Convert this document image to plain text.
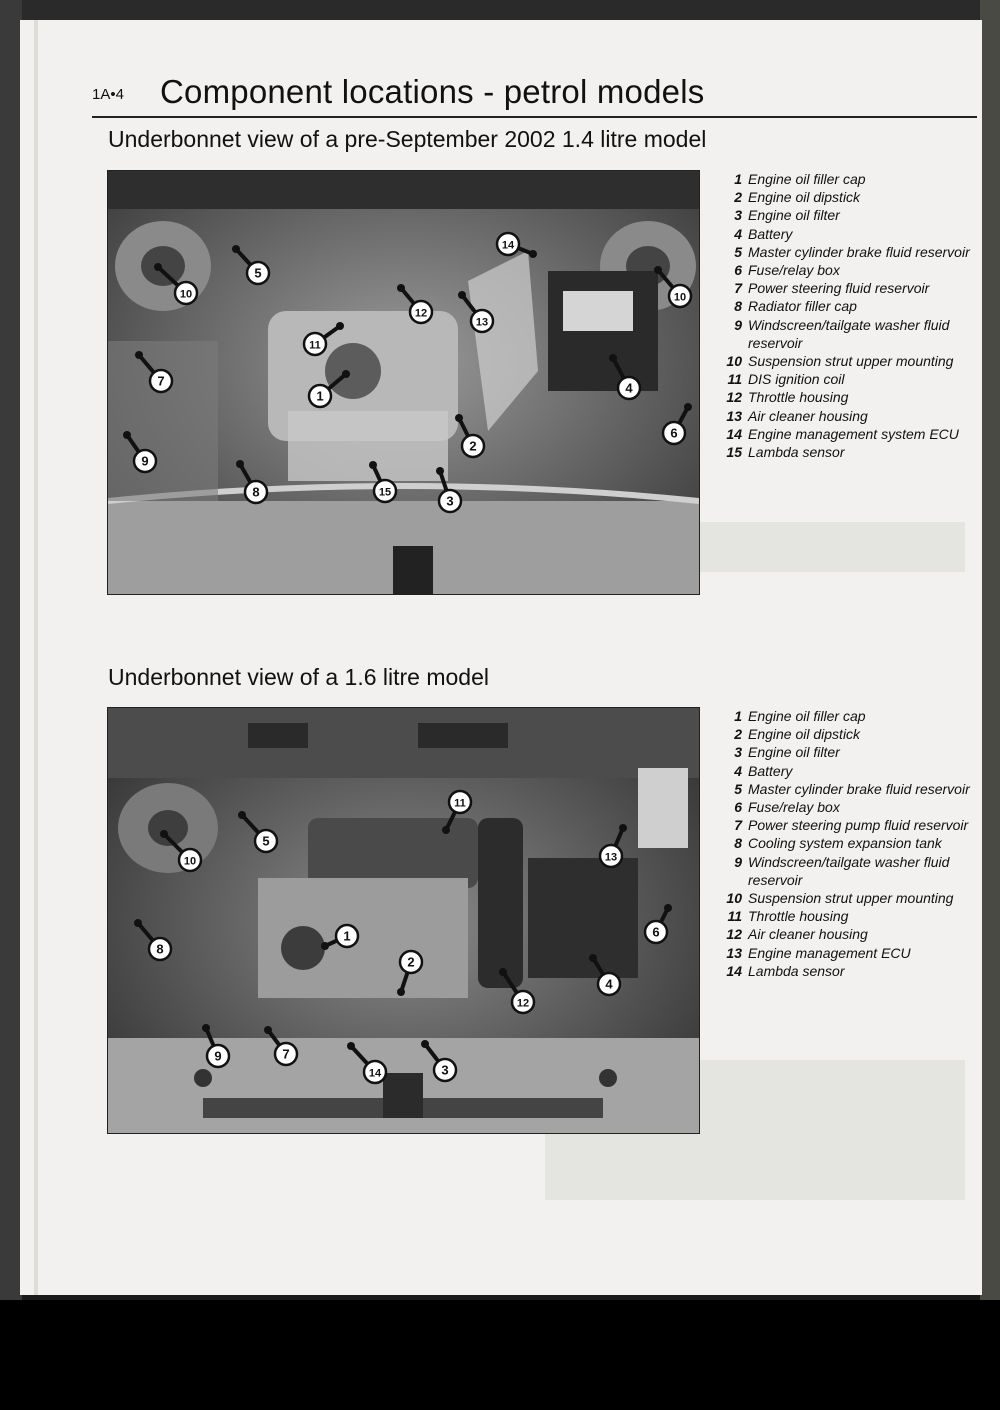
1A•4 Component locations - petrol models
Underbonnet view of a pre-September 2002 1.4 litre model
10
5
14
12
13
11
7
1
4
9
2
8	15
3
10
6
1 Engine oil filler cap
2 Engine oil dipstick
3 Engine oil filter
4 Battery
5 Master cylinder brake fluid reservoir
6 Fuse/relay box
7 Power steering fluid reservoir
8 Radiator filler cap
9 Windscreen/tailgate washer fluid reservoir
10 Suspension strut upper mounting
11 DIS ignition coil
12 Throttle housing
13 Air cleaner housing
14 Engine management system ECU
15 Lambda sensor
Underbonnet view of a 1.6 litre model
11
5
10	13
6
1
8
2
4
12
9	7
14	3
1 Engine oil filler cap
2 Engine oil dipstick
3 Engine oil filter
4 Battery
5 Master cylinder brake fluid reservoir
6 Fuse/relay box
7 Power steering pump fluid reservoir
8 Cooling system expansion tank
9 Windscreen/tailgate washer fluid reservoir
10 Suspension strut upper mounting
11 Throttle housing
12 Air cleaner housing
13 Engine management ECU
14 Lambda sensor
